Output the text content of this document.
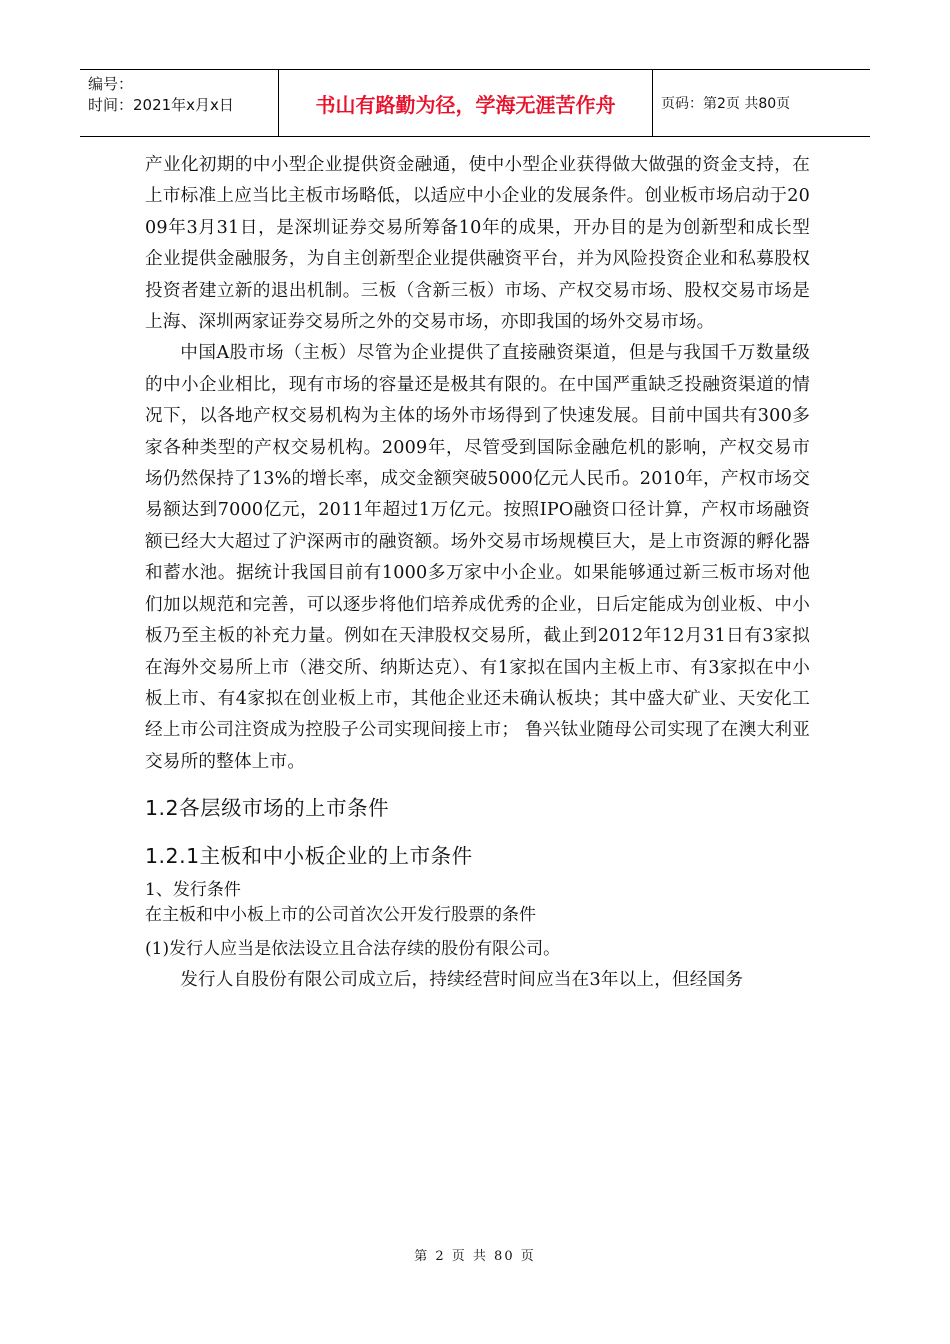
编号：
时间：2021年x月x日	书山有路勤为径，学海无涯苦作舟	页码：第2页 共80页

产业化初期的中小型企业提供资金融通，使中小型企业获得做大做强的资金支持，在上市标准上应当比主板市场略低，以适应中小企业的发展条件。创业板市场启动于2009年3月31日，是深圳证券交易所筹备10年的成果，开办目的是为创新型和成长型企业提供金融服务，为自主创新型企业提供融资平台，并为风险投资企业和私募股权投资者建立新的退出机制。三板（含新三板）市场、产权交易市场、股权交易市场是上海、深圳两家证券交易所之外的交易市场，亦即我国的场外交易市场。

中国A股市场（主板）尽管为企业提供了直接融资渠道，但是与我国千万数量级的中小企业相比，现有市场的容量还是极其有限的。在中国严重缺乏投融资渠道的情况下，以各地产权交易机构为主体的场外市场得到了快速发展。目前中国共有300多家各种类型的产权交易机构。2009年，尽管受到国际金融危机的影响，产权交易市场仍然保持了13%的增长率，成交金额突破5000亿元人民币。2010年，产权市场交易额达到7000亿元，2011年超过1万亿元。按照IPO融资口径计算，产权市场融资额已经大大超过了沪深两市的融资额。场外交易市场规模巨大，是上市资源的孵化器和蓄水池。据统计我国目前有1000多万家中小企业。如果能够通过新三板市场对他们加以规范和完善，可以逐步将他们培养成优秀的企业，日后定能成为创业板、中小板乃至主板的补充力量。例如在天津股权交易所，截止到2012年12月31日有3家拟在海外交易所上市（港交所、纳斯达克）、有1家拟在国内主板上市、有3家拟在中小板上市、有4家拟在创业板上市，其他企业还未确认板块；其中盛大矿业、天安化工经上市公司注资成为控股子公司实现间接上市； 鲁兴钛业随母公司实现了在澳大利亚交易所的整体上市。

1.2各层级市场的上市条件
1.2.1主板和中小板企业的上市条件

1、发行条件

在主板和中小板上市的公司首次公开发行股票的条件

(1)发行人应当是依法设立且合法存续的股份有限公司。

发行人自股份有限公司成立后，持续经营时间应当在3年以上，但经国务

第 2 页 共 80 页
